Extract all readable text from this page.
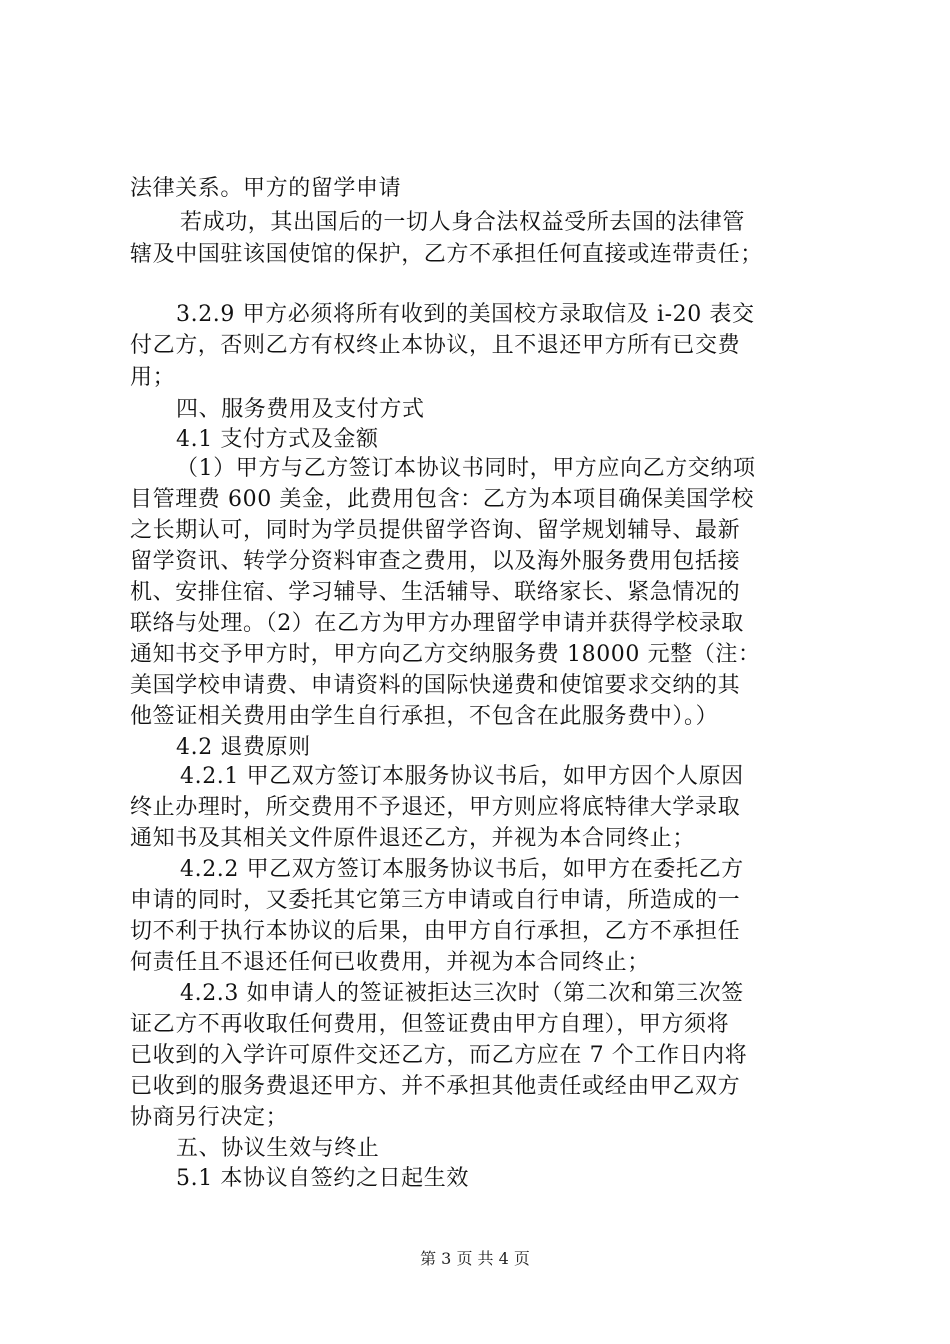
法律关系。甲方的留学申请
若成功，其出国后的一切人身合法权益受所去国的法律管
辖及中国驻该国使馆的保护，乙方不承担任何直接或连带责任；
3.2.9 甲方必须将所有收到的美国校方录取信及 i-20 表交
付乙方，否则乙方有权终止本协议，且不退还甲方所有已交费
用；
四、服务费用及支付方式
4.1 支付方式及金额
（1）甲方与乙方签订本协议书同时，甲方应向乙方交纳项
目管理费 600 美金，此费用包含：乙方为本项目确保美国学校
之长期认可，同时为学员提供留学咨询、留学规划辅导、最新
留学资讯、转学分资料审查之费用，以及海外服务费用包括接
机、安排住宿、学习辅导、生活辅导、联络家长、紧急情况的
联络与处理。（2）在乙方为甲方办理留学申请并获得学校录取
通知书交予甲方时，甲方向乙方交纳服务费 18000 元整（注：
美国学校申请费、申请资料的国际快递费和使馆要求交纳的其
他签证相关费用由学生自行承担，不包含在此服务费中）。）
4.2 退费原则
4.2.1 甲乙双方签订本服务协议书后，如甲方因个人原因
终止办理时，所交费用不予退还，甲方则应将底特律大学录取
通知书及其相关文件原件退还乙方，并视为本合同终止；
4.2.2 甲乙双方签订本服务协议书后，如甲方在委托乙方
申请的同时，又委托其它第三方申请或自行申请，所造成的一
切不利于执行本协议的后果，由甲方自行承担，乙方不承担任
何责任且不退还任何已收费用，并视为本合同终止；
4.2.3 如申请人的签证被拒达三次时（第二次和第三次签
证乙方不再收取任何费用，但签证费由甲方自理），甲方须将
已收到的入学许可原件交还乙方，而乙方应在 7 个工作日内将
已收到的服务费退还甲方、并不承担其他责任或经由甲乙双方
协商另行决定；
五、协议生效与终止
5.1 本协议自签约之日起生效
第 3 页 共 4 页
